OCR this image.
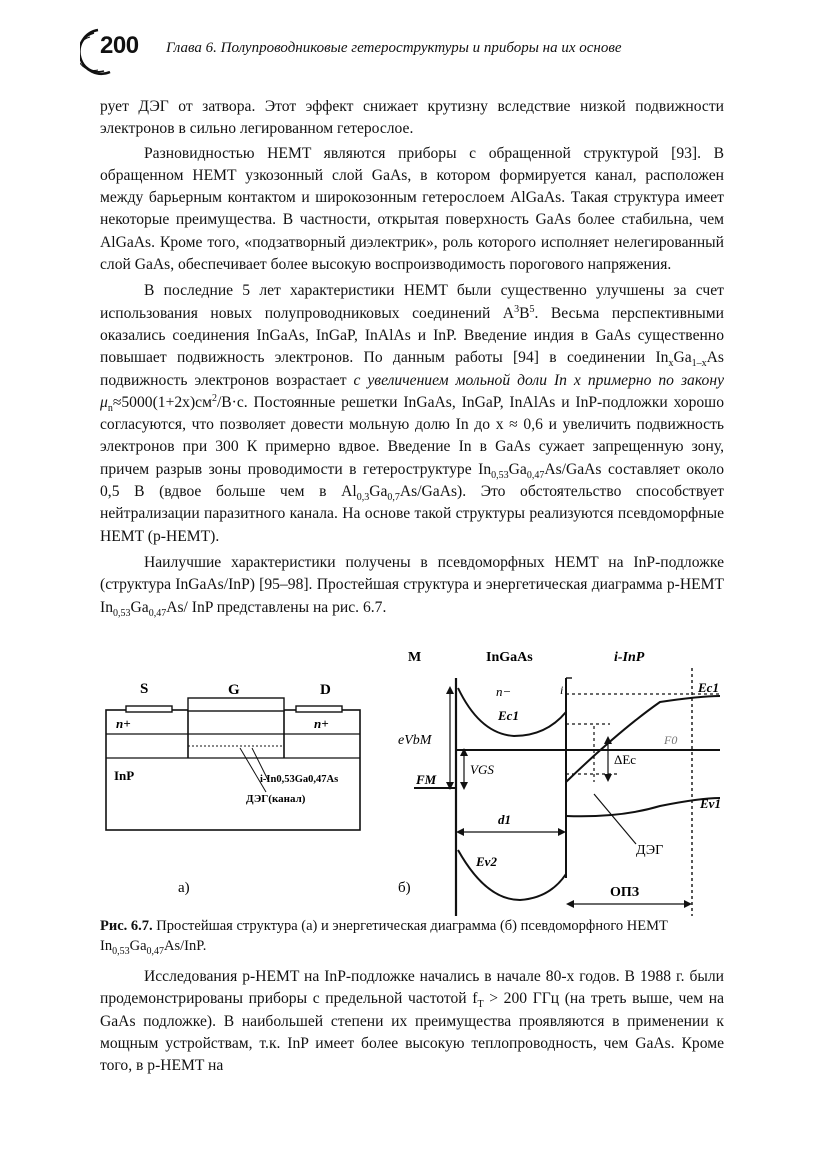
200 Глава 6. Полупроводниковые гетероструктуры и приборы на их основе

рует ДЭГ от затвора. Этот эффект снижает крутизну вследствие низкой подвижности электронов в сильно легированном гетерослое.

Разновидностью HEMT являются приборы с обращенной структурой [93]. В обращенном HEMT узкозонный слой GaAs, в котором формируется канал, расположен между барьерным контактом и широкозонным гетерослоем AlGaAs. Такая структура имеет некоторые преимущества. В частности, открытая поверхность GaAs более стабильна, чем AlGaAs. Кроме того, «подзатворный диэлектрик», роль которого исполняет нелегированный слой GaAs, обеспечивает более высокую воспроизводимость порогового напряжения.

В последние 5 лет характеристики HEMT были существенно улучшены за счет использования новых полупроводниковых соединений $A^3B^5$. Весьма перспективными оказались соединения InGaAs, InGaP, InAlAs и InP. Введение индия в GaAs существенно повышает подвижность электронов. По данным работы [94] в соединении $In_xGa_{1-x}As$ подвижность электронов возрастает с увеличением мольной доли In x примерно по закону $\mu_n\approx 5000(1+2x)см^2/В\cdot с$. Постоянные решетки InGaAs, InGaP, InAlAs и InP-подложки хорошо согласуются, что позволяет довести мольную долю In до x ≈ 0,6 и увеличить подвижность электронов при 300 К примерно вдвое. Введение In в GaAs сужает запрещенную зону, причем разрыв зоны проводимости в гетероструктуре $In_{0,53}Ga_{0,47}As$/GaAs составляет около 0,5 В (вдвое больше чем в $Al_{0,3}Ga_{0,7}As/GaAs$). Это обстоятельство способствует нейтрализации паразитного канала. На основе такой структуры реализуются псевдоморфные HEMT (p-HEMT).

Наилучшие характеристики получены в псевдоморфных HEMT на InP-подложке (структура InGaAs/InP) [95–98]. Простейшая структура и энергетическая диаграмма p-HEMT $In_{0,53}Ga_{0,47}As/$ InP представлены на рис. 6.7.

S	G	D
n+	n+
InP	i-In0,53Ga0,47As
ДЭГ(канал)
а)
M	InGaAs	i-InP
n−	i
Ec1
Ec1
Ev2
Ev1
F0
FM
eVbM
VGS
ΔEc
d1
ДЭГ
ОПЗ
б)
Рис. 6.7. Простейшая структура (а) и энергетическая диаграмма (б) псевдоморфного HEMT $In_{0,53}Ga_{0,47}As$/InP.

Исследования p-HEMT на InP-подложке начались в начале 80-х годов. В 1988 г. были продемонстрированы приборы с предельной частотой $f_T > 200$ ГГц (на треть выше, чем на GaAs подложке). В наибольшей степени их преимущества проявляются в применении к мощным устройствам, т.к. InP имеет более высокую теплопроводность, чем GaAs. Кроме того, в p-HEMT на
